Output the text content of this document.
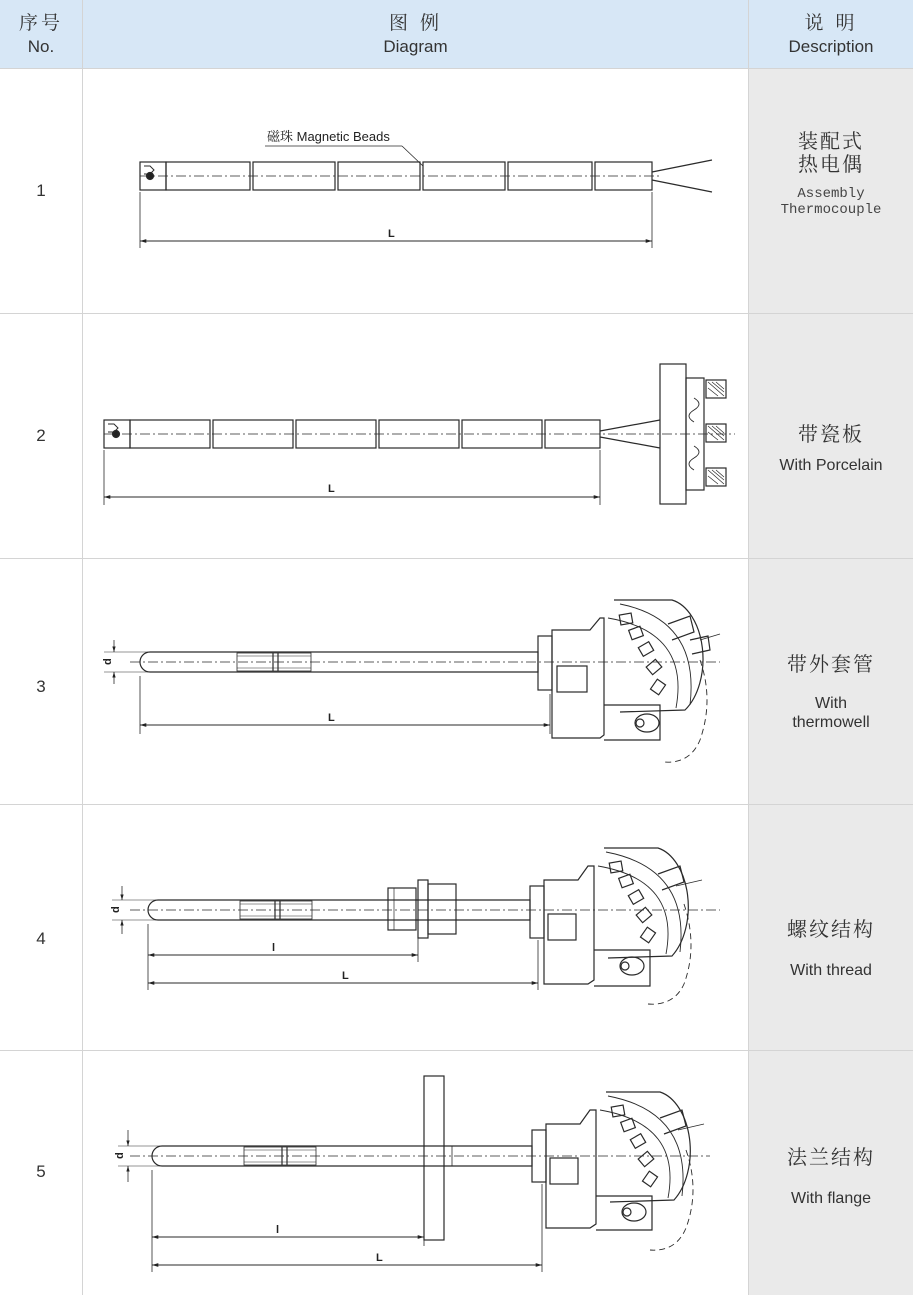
序号
No.
图 例
Diagram
说 明
Description
1
2
3
4
5
装配式
热电偶
Assembly
Thermocouple
带瓷板
With Porcelain
带外套管
With
thermowell
螺纹结构
With thread
法兰结构
With flange
磁珠 Magnetic Beads
L
L
d
L
d
l
L
d
l
L
